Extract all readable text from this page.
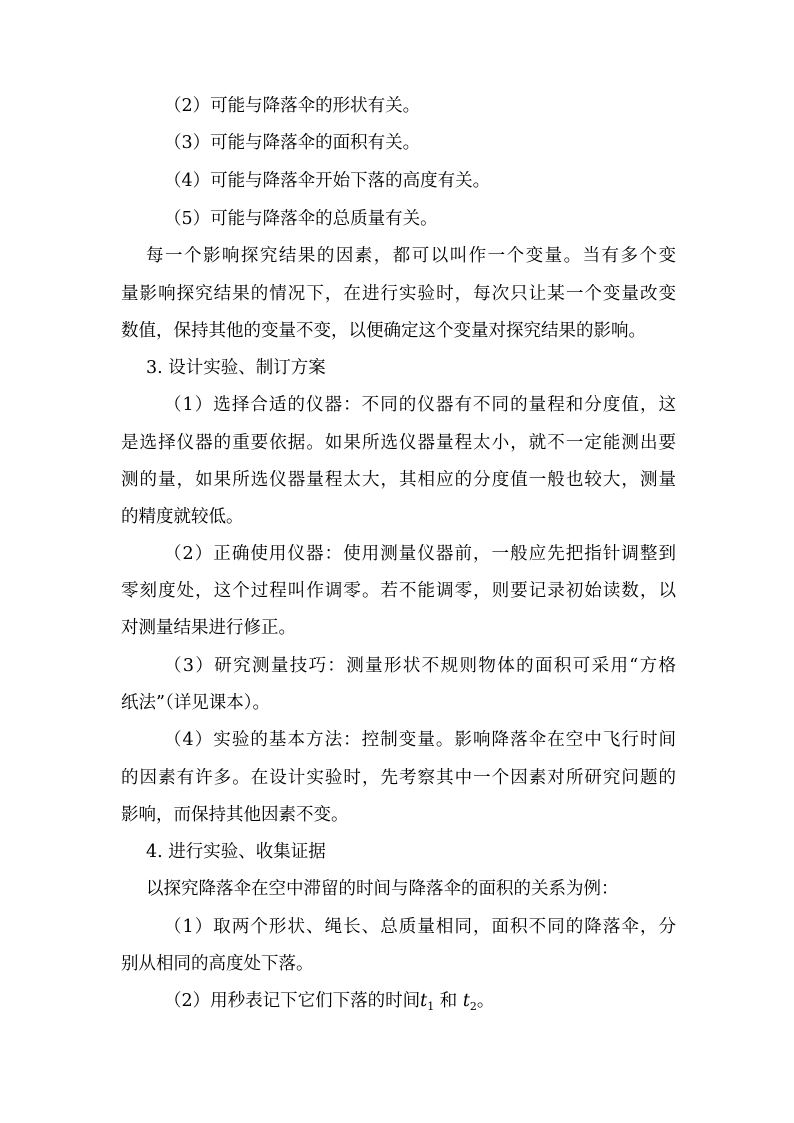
（2）可能与降落伞的形状有关。
（3）可能与降落伞的面积有关。
（4）可能与降落伞开始下落的高度有关。
（5）可能与降落伞的总质量有关。
每一个影响探究结果的因素，都可以叫作一个变量。当有多个变
量影响探究结果的情况下，在进行实验时，每次只让某一个变量改变
数值，保持其他的变量不变，以便确定这个变量对探究结果的影响。
3. 设计实验、制订方案
（1）选择合适的仪器：不同的仪器有不同的量程和分度值，这
是选择仪器的重要依据。如果所选仪器量程太小，就不一定能测出要
测的量，如果所选仪器量程太大，其相应的分度值一般也较大，测量
的精度就较低。
（2）正确使用仪器：使用测量仪器前，一般应先把指针调整到
零刻度处，这个过程叫作调零。若不能调零，则要记录初始读数，以
对测量结果进行修正。
（3）研究测量技巧：测量形状不规则物体的面积可采用“方格
纸法”（详见课本）。
（4）实验的基本方法：控制变量。影响降落伞在空中飞行时间
的因素有许多。在设计实验时，先考察其中一个因素对所研究问题的
影响，而保持其他因素不变。
4. 进行实验、收集证据
以探究降落伞在空中滞留的时间与降落伞的面积的关系为例：
（1）取两个形状、绳长、总质量相同，面积不同的降落伞，分
别从相同的高度处下落。
（2）用秒表记下它们下落的时间$t_1$ 和 $t_2$。
